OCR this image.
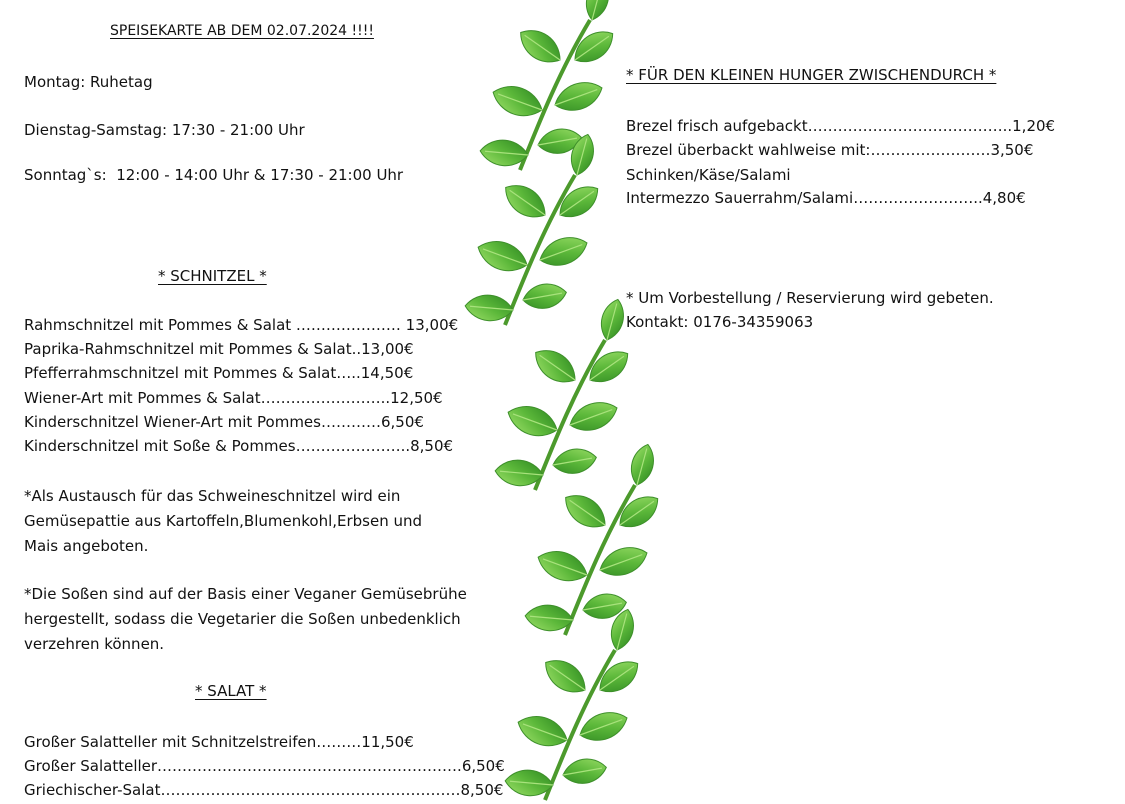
SPEISEKARTE AB DEM 02.07.2024 !!!!
Montag: Ruhetag
Dienstag-Samstag: 17:30 - 21:00 Uhr
Sonntag`s:  12:00 - 14:00 Uhr & 17:30 - 21:00 Uhr
* SCHNITZEL *
Rahmschnitzel mit Pommes & Salat ………………… 13,00€
Paprika-Rahmschnitzel mit Pommes & Salat..13,00€
Pfefferrahmschnitzel mit Pommes & Salat…..14,50€
Wiener-Art mit Pommes & Salat……………………..12,50€
Kinderschnitzel Wiener-Art mit Pommes…………6,50€
Kinderschnitzel mit Soße & Pommes…………………..8,50€
*Als Austausch für das Schweineschnitzel wird ein
Gemüsepattie aus Kartoffeln,Blumenkohl,Erbsen und
Mais angeboten.
*Die Soßen sind auf der Basis einer Veganer Gemüsebrühe
hergestellt, sodass die Vegetarier die Soßen unbedenklich
verzehren können.
* SALAT *
Großer Salatteller mit Schnitzelstreifen………11,50€
Großer Salatteller…………………………………………………….6,50€
Griechischer-Salat……………………………………………………8,50€
* FÜR DEN KLEINEN HUNGER ZWISCHENDURCH *
Brezel frisch aufgebackt…………………………………..1,20€
Brezel überbackt wahlweise mit:……………………3,50€
Schinken/Käse/Salami
Intermezzo Sauerrahm/Salami……………………..4,80€
* Um Vorbestellung / Reservierung wird gebeten.
Kontakt: 0176-34359063
